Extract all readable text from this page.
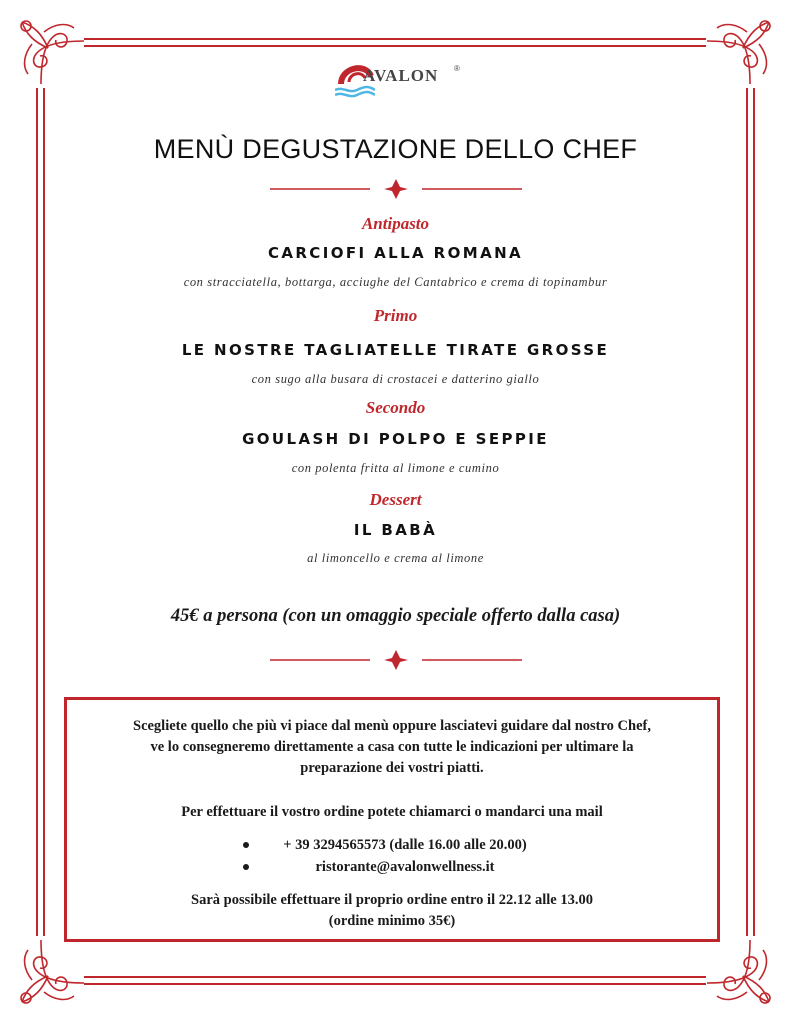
AVALON ®
MENÙ DEGUSTAZIONE DELLO CHEF
Antipasto
CARCIOFI ALLA ROMANA
con stracciatella, bottarga, acciughe del Cantabrico e crema di topinambur
Primo
LE NOSTRE TAGLIATELLE TIRATE GROSSE
con sugo alla busara di crostacei e datterino giallo
Secondo
GOULASH DI POLPO E SEPPIE
con polenta fritta al limone e cumino
Dessert
IL BABÀ
al limoncello e crema al limone
45€ a persona (con un omaggio speciale offerto dalla casa)

Scegliete quello che più vi piace dal menù oppure lasciatevi guidare dal nostro Chef,

ve lo consegneremo direttamente a casa con tutte le indicazioni per ultimare la

preparazione dei vostri piatti.

Per effettuare il vostro ordine potete chiamarci o mandarci una mail

+ 39 3294565573 (dalle 16.00 alle 20.00)
ristorante@avalonwellness.it

Sarà possibile effettuare il proprio ordine entro il 22.12 alle 13.00

(ordine minimo 35€)
